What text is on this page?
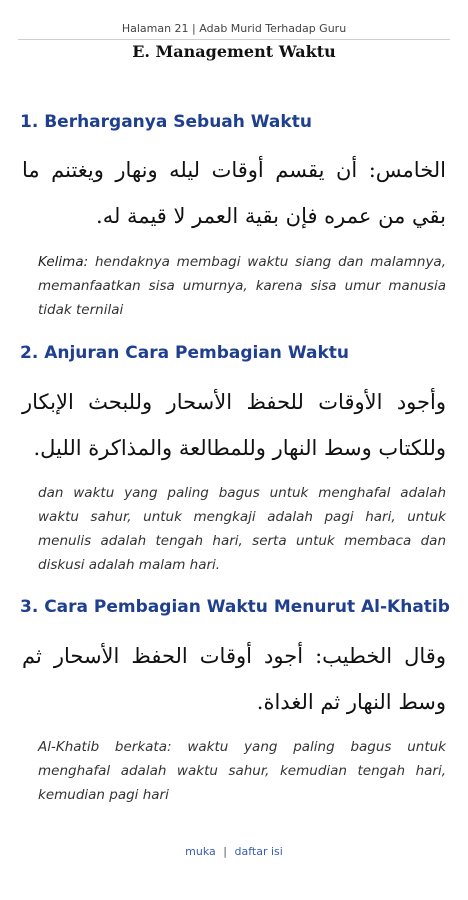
Halaman 21 | Adab Murid Terhadap Guru
E. Management Waktu
1. Berharganya Sebuah Waktu
الخامس: أن يقسم أوقات ليله ونهار ويغتنم ما بقي من عمره فإن بقية العمر لا قيمة له.
Kelima: hendaknya membagi waktu siang dan malamnya, memanfaatkan sisa umurnya, karena sisa umur manusia tidak ternilai
2. Anjuran Cara Pembagian Waktu
وأجود الأوقات للحفظ الأسحار وللبحث الإبكار وللكتاب وسط النهار وللمطالعة والمذاكرة الليل.
dan waktu yang paling bagus untuk menghafal adalah waktu sahur, untuk mengkaji adalah pagi hari, untuk menulis adalah tengah hari, serta untuk membaca dan diskusi adalah malam hari.
3. Cara Pembagian Waktu Menurut Al-Khatib
وقال الخطيب: أجود أوقات الحفظ الأسحار ثم وسط النهار ثم الغداة.
Al-Khatib berkata: waktu yang paling bagus untuk menghafal adalah waktu sahur, kemudian tengah hari, kemudian pagi hari
muka | daftar isi
